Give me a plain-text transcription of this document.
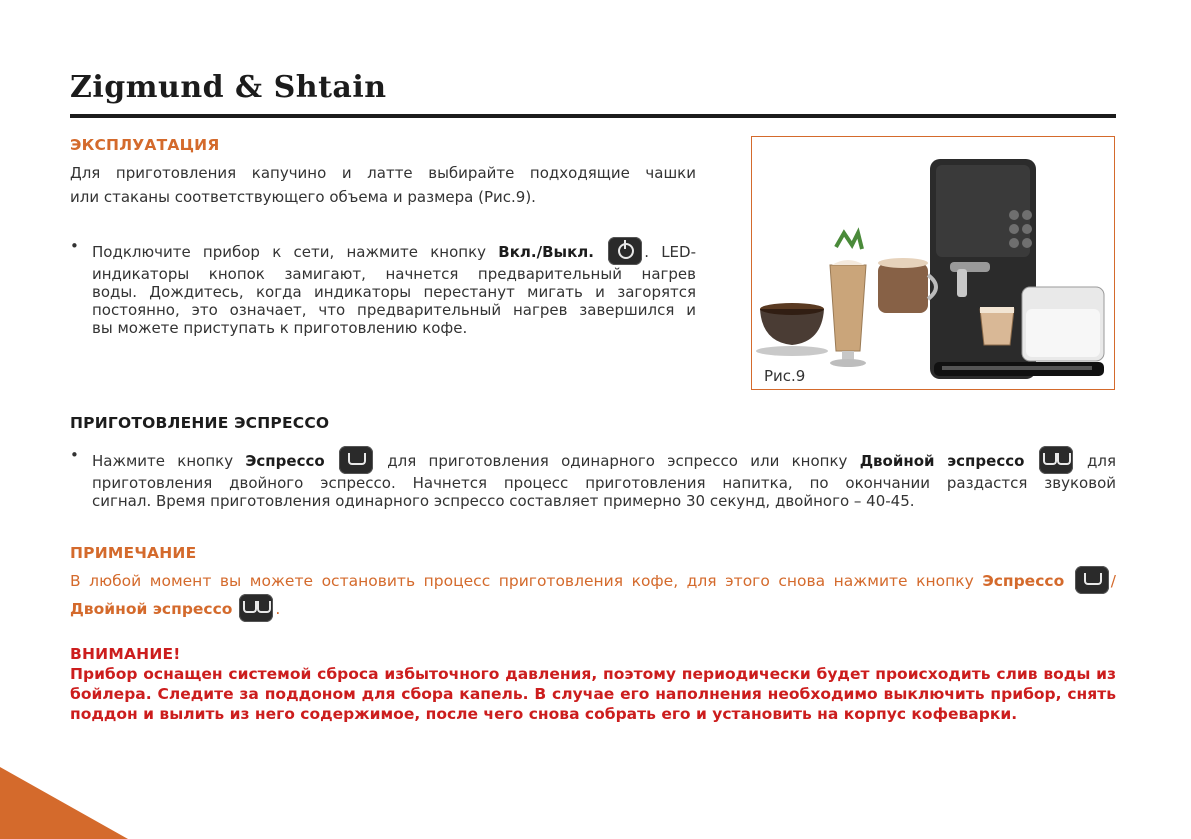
Zigmund & Shtain
ЭКСПЛУАТАЦИЯ
Для приготовления капучино и латте выбирайте подходящие чашки
или стаканы соответствующего объема и размера (Рис.9).
• Подключите прибор к сети, нажмите кнопку Вкл./Выкл.	. LED-
индикаторы кнопок замигают, начнется предварительный нагрев
воды. Дождитесь, когда индикаторы перестанут мигать и загорятся
постоянно, это означает, что предварительный нагрев завершился и
вы можете приступать к приготовлению кофе.
Рис.9
ПРИГОТОВЛЕНИЕ ЭСПРЕССО
• Нажмите кнопку Эспрессо	для приготовления одинарного эспрессо или кнопку Двойной эспрессо	для
приготовления двойного эспрессо. Начнется процесс приготовления напитка, по окончании раздастся звуковой
сигнал. Время приготовления одинарного эспрессо составляет примерно 30 секунд, двойного – 40-45.
ПРИМЕЧАНИЕ
В любой момент вы можете остановить процесс приготовления кофе, для этого снова нажмите кнопку Эспрессо	/
Двойной эспрессо	.
ВНИМАНИЕ!
Прибор оснащен системой сброса избыточного давления, поэтому периодически будет происходить слив воды из
бойлера. Следите за поддоном для сбора капель. В случае его наполнения необходимо выключить прибор, снять
поддон и вылить из него содержимое, после чего снова собрать его и установить на корпус кофеварки.
